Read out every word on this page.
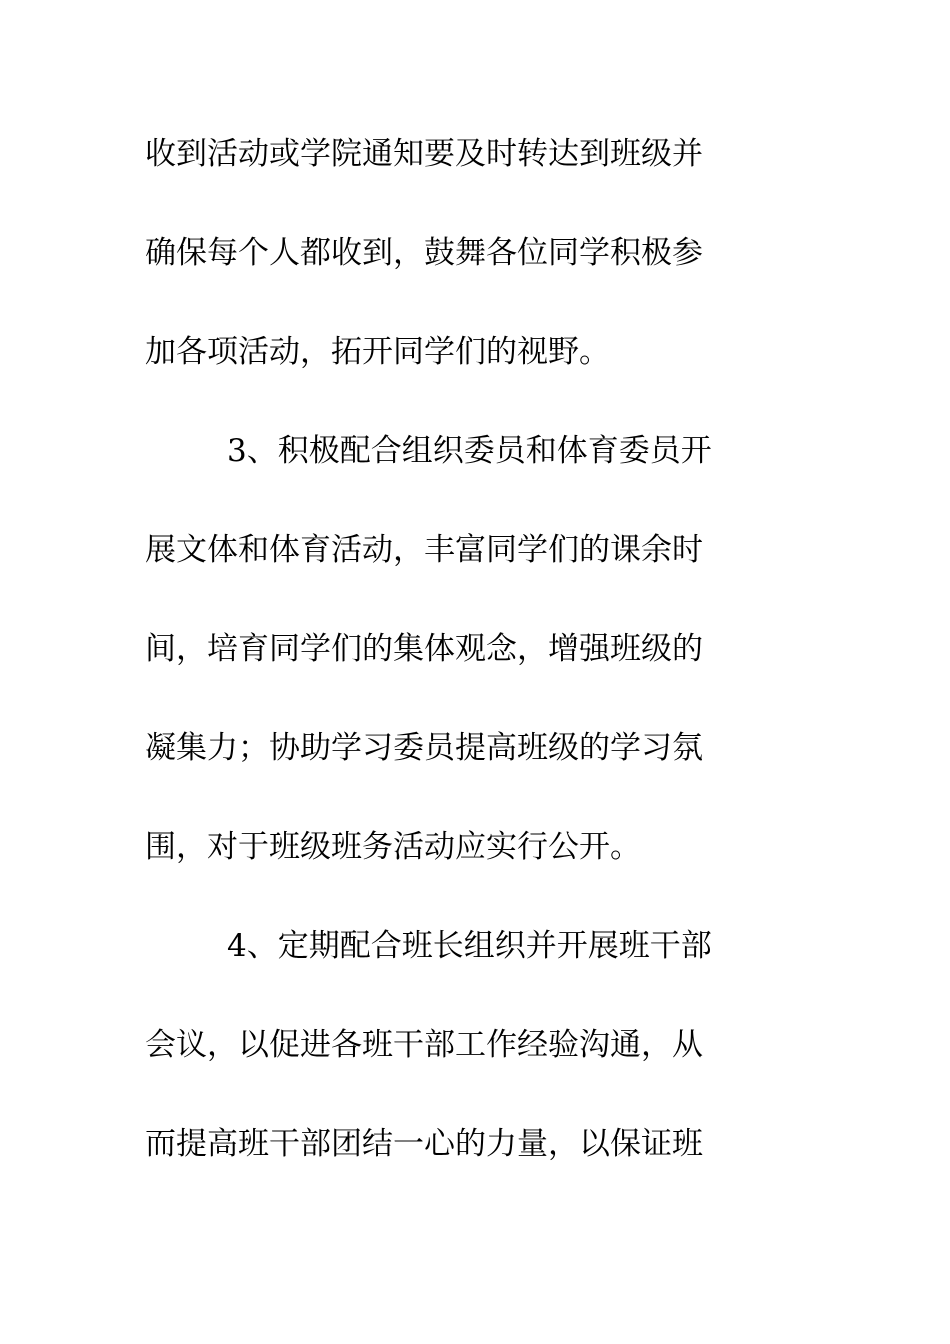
收到活动或学院通知要及时转达到班级并
确保每个人都收到，鼓舞各位同学积极参
加各项活动，拓开同学们的视野。
3、积极配合组织委员和体育委员开
展文体和体育活动，丰富同学们的课余时
间，培育同学们的集体观念，增强班级的
凝集力；协助学习委员提高班级的学习氛
围，对于班级班务活动应实行公开。
4、定期配合班长组织并开展班干部
会议，以促进各班干部工作经验沟通，从
而提高班干部团结一心的力量，以保证班
